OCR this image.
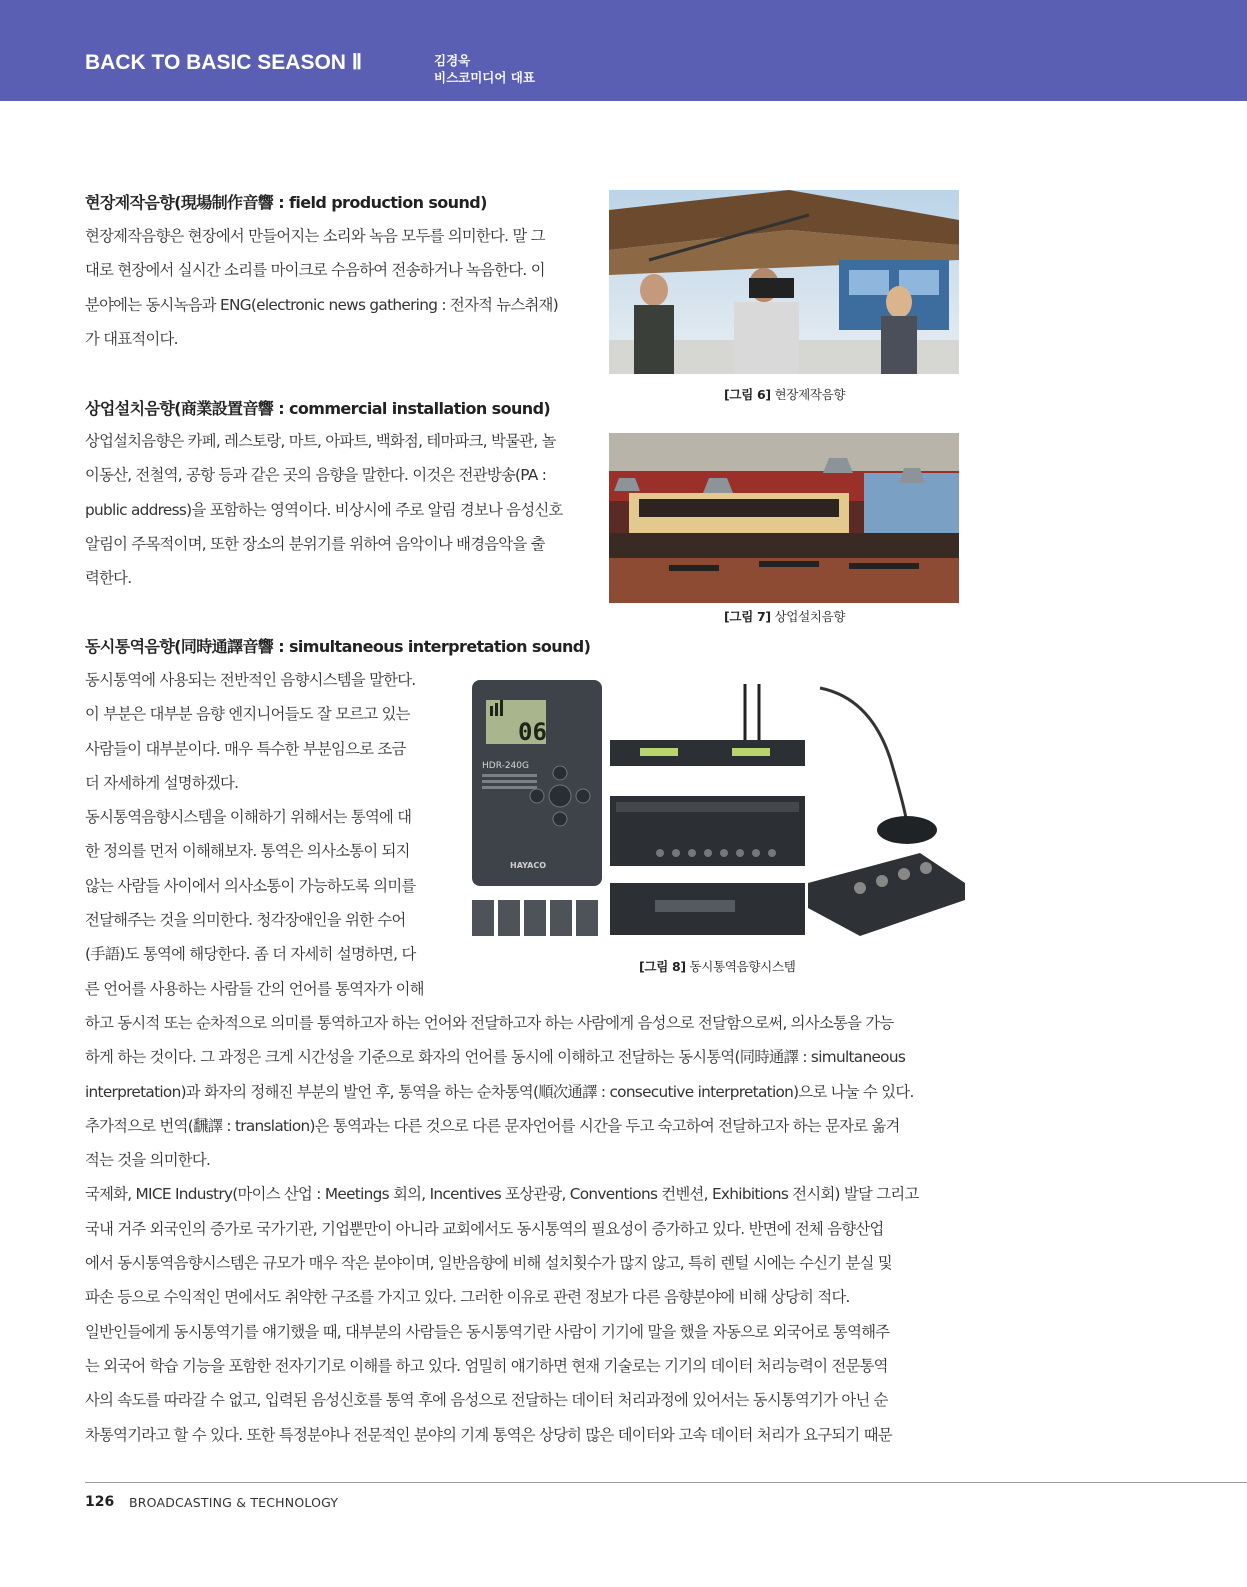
BACK TO BASIC SEASON Ⅱ	김경욱
비스코미디어 대표
현장제작음향(現場制作音響 : field production sound)
현장제작음향은 현장에서 만들어지는 소리와 녹음 모두를 의미한다. 말 그
대로 현장에서 실시간 소리를 마이크로 수음하여 전송하거나 녹음한다. 이
분야에는 동시녹음과 ENG(electronic news gathering : 전자적 뉴스취재)
가 대표적이다.
[그림 6] 현장제작음향
상업설치음향(商業設置音響 : commercial installation sound)
상업설치음향은 카페, 레스토랑, 마트, 아파트, 백화점, 테마파크, 박물관, 놀
이동산, 전철역, 공항 등과 같은 곳의 음향을 말한다. 이것은 전관방송(PA :
public address)을 포함하는 영역이다. 비상시에 주로 알림 경보나 음성신호
알림이 주목적이며, 또한 장소의 분위기를 위하여 음악이나 배경음악을 출
력한다.
[그림 7] 상업설치음향
동시통역음향(同時通譯音響 : simultaneous interpretation sound)
동시통역에 사용되는 전반적인 음향시스템을 말한다.
이 부분은 대부분 음향 엔지니어들도 잘 모르고 있는
사람들이 대부분이다. 매우 특수한 부분임으로 조금
더 자세하게 설명하겠다.
동시통역음향시스템을 이해하기 위해서는 통역에 대
한 정의를 먼저 이해해보자. 통역은 의사소통이 되지
않는 사람들 사이에서 의사소통이 가능하도록 의미를
전달해주는 것을 의미한다. 청각장애인을 위한 수어
(手語)도 통역에 해당한다. 좀 더 자세히 설명하면, 다
른 언어를 사용하는 사람들 간의 언어를 통역자가 이해
06
HDR-240G
HAYACO
[그림 8] 동시통역음향시스템
하고 동시적 또는 순차적으로 의미를 통역하고자 하는 언어와 전달하고자 하는 사람에게 음성으로 전달함으로써, 의사소통을 가능
하게 하는 것이다. 그 과정은 크게 시간성을 기준으로 화자의 언어를 동시에 이해하고 전달하는 동시통역(同時通譯 : simultaneous
interpretation)과 화자의 정해진 부분의 발언 후, 통역을 하는 순차통역(順次通譯 : consecutive interpretation)으로 나눌 수 있다.
추가적으로 번역(飜譯 : translation)은 통역과는 다른 것으로 다른 문자언어를 시간을 두고 숙고하여 전달하고자 하는 문자로 옮겨
적는 것을 의미한다.
국제화, MICE Industry(마이스 산업 : Meetings 회의, Incentives 포상관광, Conventions 컨벤션, Exhibitions 전시회) 발달 그리고
국내 거주 외국인의 증가로 국가기관, 기업뿐만이 아니라 교회에서도 동시통역의 필요성이 증가하고 있다. 반면에 전체 음향산업
에서 동시통역음향시스템은 규모가 매우 작은 분야이며, 일반음향에 비해 설치횟수가 많지 않고, 특히 렌털 시에는 수신기 분실 및
파손 등으로 수익적인 면에서도 취약한 구조를 가지고 있다. 그러한 이유로 관련 정보가 다른 음향분야에 비해 상당히 적다.
일반인들에게 동시통역기를 얘기했을 때, 대부분의 사람들은 동시통역기란 사람이 기기에 말을 했을 자동으로 외국어로 통역해주
는 외국어 학습 기능을 포함한 전자기기로 이해를 하고 있다. 엄밀히 얘기하면 현재 기술로는 기기의 데이터 처리능력이 전문통역
사의 속도를 따라갈 수 없고, 입력된 음성신호를 통역 후에 음성으로 전달하는 데이터 처리과정에 있어서는 동시통역기가 아닌 순
차통역기라고 할 수 있다. 또한 특정분야나 전문적인 분야의 기계 통역은 상당히 많은 데이터와 고속 데이터 처리가 요구되기 때문
126 BROADCASTING & TECHNOLOGY
